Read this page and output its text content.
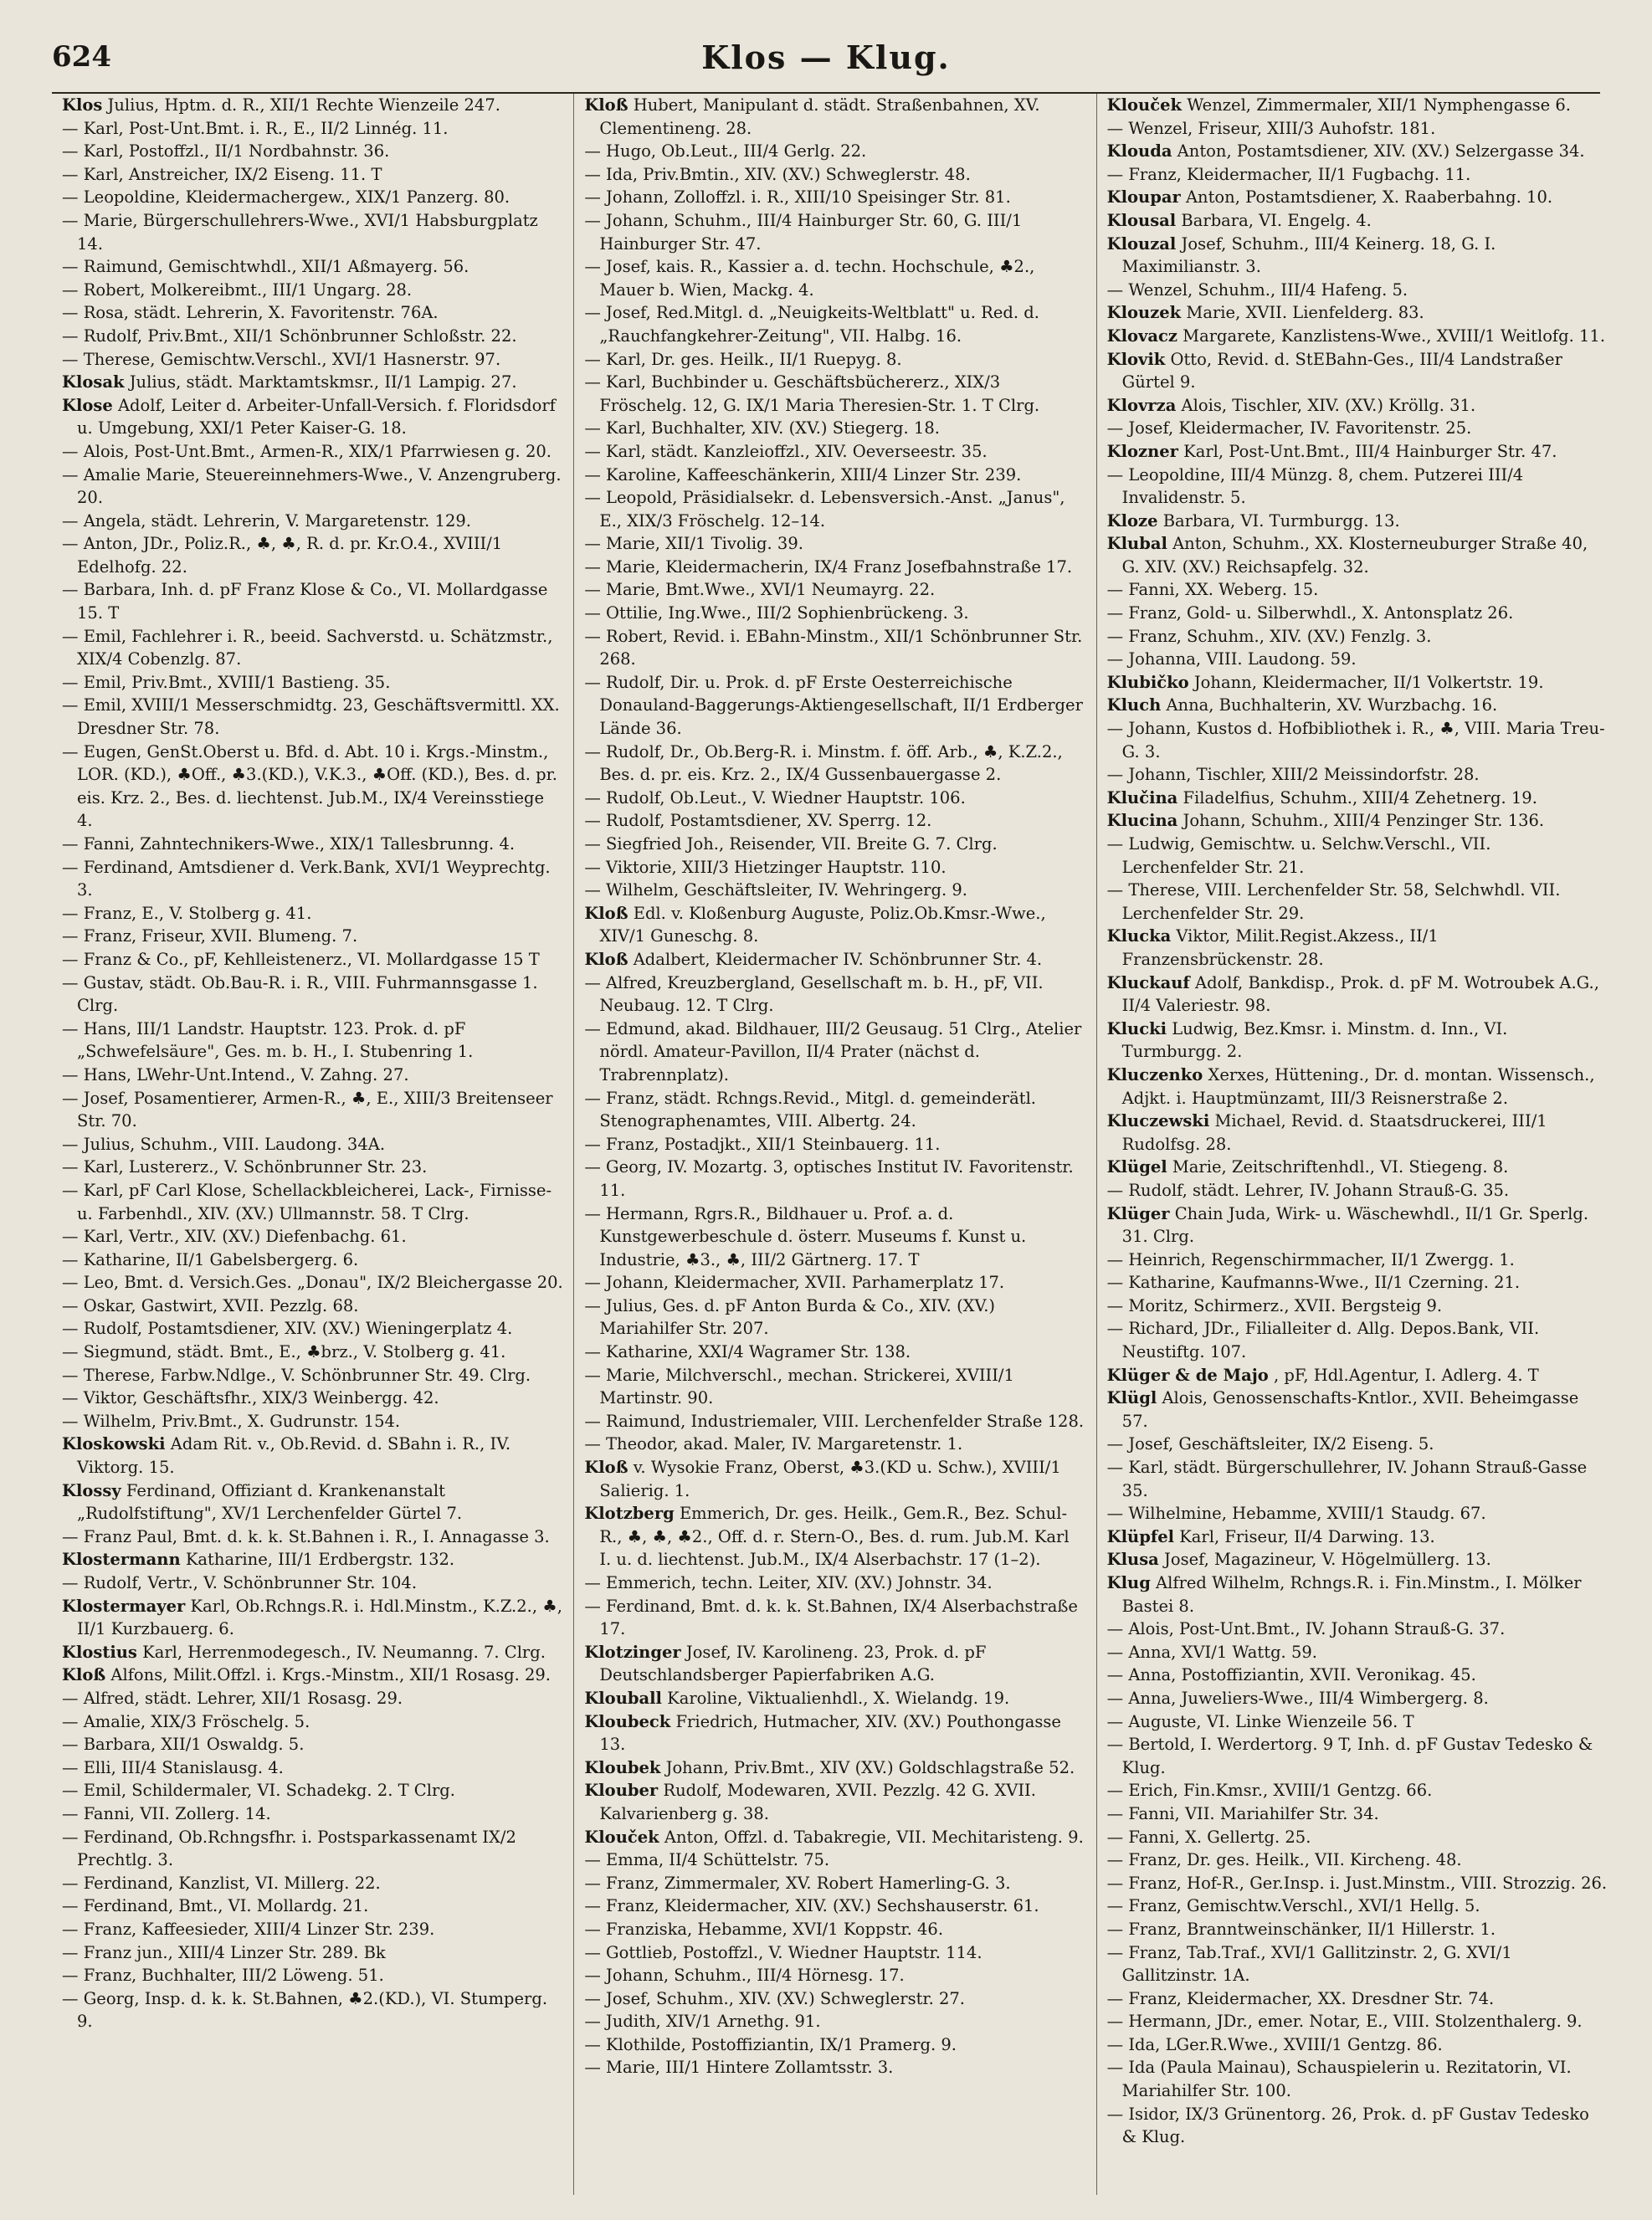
624	Klos — Klug.

Klos Julius, Hptm. d. R., XII/1 Rechte Wienzeile 247.

— Karl, Post-Unt.Bmt. i. R., E., II/2 Linnég. 11.

— Karl, Postoffzl., II/1 Nordbahnstr. 36.

— Karl, Anstreicher, IX/2 Eiseng. 11. T

— Leopoldine, Kleidermachergew., XIX/1 Panzerg. 80.

— Marie, Bürgerschullehrers-Wwe., XVI/1 Habsburgplatz 14.

— Raimund, Gemischtwhdl., XII/1 Aßmayerg. 56.

— Robert, Molkereibmt., III/1 Ungarg. 28.

— Rosa, städt. Lehrerin, X. Favoritenstr. 76A.

— Rudolf, Priv.Bmt., XII/1 Schönbrunner Schloßstr. 22.

— Therese, Gemischtw.Verschl., XVI/1 Hasnerstr. 97.

Klosak Julius, städt. Marktamtskmsr., II/1 Lampig. 27.

Klose Adolf, Leiter d. Arbeiter-Unfall-Versich. f. Floridsdorf u. Umgebung, XXI/1 Peter Kaiser-G. 18.

— Alois, Post-Unt.Bmt., Armen-R., XIX/1 Pfarrwiesen g. 20.

— Amalie Marie, Steuereinnehmers-Wwe., V. Anzengruberg. 20.

— Angela, städt. Lehrerin, V. Margaretenstr. 129.

— Anton, JDr., Poliz.R., ♣, ♣, R. d. pr. Kr.O.4., XVIII/1 Edelhofg. 22.

— Barbara, Inh. d. pF Franz Klose & Co., VI. Mollardgasse 15. T

— Emil, Fachlehrer i. R., beeid. Sachverstd. u. Schätzmstr., XIX/4 Cobenzlg. 87.

— Emil, Priv.Bmt., XVIII/1 Bastieng. 35.

— Emil, XVIII/1 Messerschmidtg. 23, Geschäftsvermittl. XX. Dresdner Str. 78.

— Eugen, GenSt.Oberst u. Bfd. d. Abt. 10 i. Krgs.-Minstm., LOR. (KD.), ♣Off., ♣3.(KD.), V.K.3., ♣Off. (KD.), Bes. d. pr. eis. Krz. 2., Bes. d. liechtenst. Jub.M., IX/4 Vereinsstiege 4.

— Fanni, Zahntechnikers-Wwe., XIX/1 Tallesbrunng. 4.

— Ferdinand, Amtsdiener d. Verk.Bank, XVI/1 Weyprechtg. 3.

— Franz, E., V. Stolberg g. 41.

— Franz, Friseur, XVII. Blumeng. 7.

— Franz & Co., pF, Kehlleistenerz., VI. Mollardgasse 15 T

— Gustav, städt. Ob.Bau-R. i. R., VIII. Fuhrmannsgasse 1. Clrg.

— Hans, III/1 Landstr. Hauptstr. 123. Prok. d. pF „Schwefelsäure", Ges. m. b. H., I. Stubenring 1.

— Hans, LWehr-Unt.Intend., V. Zahng. 27.

— Josef, Posamentierer, Armen-R., ♣, E., XIII/3 Breitenseer Str. 70.

— Julius, Schuhm., VIII. Laudong. 34A.

— Karl, Lustererz., V. Schönbrunner Str. 23.

— Karl, pF Carl Klose, Schellackbleicherei, Lack-, Firnisse- u. Farbenhdl., XIV. (XV.) Ullmannstr. 58. T Clrg.

— Karl, Vertr., XIV. (XV.) Diefenbachg. 61.

— Katharine, II/1 Gabelsbergerg. 6.

— Leo, Bmt. d. Versich.Ges. „Donau", IX/2 Bleichergasse 20.

— Oskar, Gastwirt, XVII. Pezzlg. 68.

— Rudolf, Postamtsdiener, XIV. (XV.) Wieningerplatz 4.

— Siegmund, städt. Bmt., E., ♣brz., V. Stolberg g. 41.

— Therese, Farbw.Ndlge., V. Schönbrunner Str. 49. Clrg.

— Viktor, Geschäftsfhr., XIX/3 Weinbergg. 42.

— Wilhelm, Priv.Bmt., X. Gudrunstr. 154.

Kloskowski Adam Rit. v., Ob.Revid. d. SBahn i. R., IV. Viktorg. 15.

Klossy Ferdinand, Offiziant d. Krankenanstalt „Rudolfstiftung", XV/1 Lerchenfelder Gürtel 7.

— Franz Paul, Bmt. d. k. k. St.Bahnen i. R., I. Annagasse 3.

Klostermann Katharine, III/1 Erdbergstr. 132.

— Rudolf, Vertr., V. Schönbrunner Str. 104.

Klostermayer Karl, Ob.Rchngs.R. i. Hdl.Minstm., K.Z.2., ♣, II/1 Kurzbauerg. 6.

Klostius Karl, Herrenmodegesch., IV. Neumanng. 7. Clrg.

Kloß Alfons, Milit.Offzl. i. Krgs.-Minstm., XII/1 Rosasg. 29.

— Alfred, städt. Lehrer, XII/1 Rosasg. 29.

— Amalie, XIX/3 Fröschelg. 5.

— Barbara, XII/1 Oswaldg. 5.

— Elli, III/4 Stanislausg. 4.

— Emil, Schildermaler, VI. Schadekg. 2. T Clrg.

— Fanni, VII. Zollerg. 14.

— Ferdinand, Ob.Rchngsfhr. i. Postsparkassenamt IX/2 Prechtlg. 3.

— Ferdinand, Kanzlist, VI. Millerg. 22.

— Ferdinand, Bmt., VI. Mollardg. 21.

— Franz, Kaffeesieder, XIII/4 Linzer Str. 239.

— Franz jun., XIII/4 Linzer Str. 289. Bk

— Franz, Buchhalter, III/2 Löweng. 51.

— Georg, Insp. d. k. k. St.Bahnen, ♣2.(KD.), VI. Stumperg. 9.

Kloß Hubert, Manipulant d. städt. Straßenbahnen, XV. Clementineng. 28.

— Hugo, Ob.Leut., III/4 Gerlg. 22.

— Ida, Priv.Bmtin., XIV. (XV.) Schweglerstr. 48.

— Johann, Zolloffzl. i. R., XIII/10 Speisinger Str. 81.

— Johann, Schuhm., III/4 Hainburger Str. 60, G. III/1 Hainburger Str. 47.

— Josef, kais. R., Kassier a. d. techn. Hochschule, ♣2., Mauer b. Wien, Mackg. 4.

— Josef, Red.Mitgl. d. „Neuigkeits-Weltblatt" u. Red. d. „Rauchfangkehrer-Zeitung", VII. Halbg. 16.

— Karl, Dr. ges. Heilk., II/1 Ruepyg. 8.

— Karl, Buchbinder u. Geschäftsbüchererz., XIX/3 Fröschelg. 12, G. IX/1 Maria Theresien-Str. 1. T Clrg.

— Karl, Buchhalter, XIV. (XV.) Stiegerg. 18.

— Karl, städt. Kanzleioffzl., XIV. Oeverseestr. 35.

— Karoline, Kaffeeschänkerin, XIII/4 Linzer Str. 239.

— Leopold, Präsidialsekr. d. Lebensversich.-Anst. „Janus", E., XIX/3 Fröschelg. 12–14.

— Marie, XII/1 Tivolig. 39.

— Marie, Kleidermacherin, IX/4 Franz Josefbahnstraße 17.

— Marie, Bmt.Wwe., XVI/1 Neumayrg. 22.

— Ottilie, Ing.Wwe., III/2 Sophienbrückeng. 3.

— Robert, Revid. i. EBahn-Minstm., XII/1 Schönbrunner Str. 268.

— Rudolf, Dir. u. Prok. d. pF Erste Oesterreichische Donauland-Baggerungs-Aktiengesellschaft, II/1 Erdberger Lände 36.

— Rudolf, Dr., Ob.Berg-R. i. Minstm. f. öff. Arb., ♣, K.Z.2., Bes. d. pr. eis. Krz. 2., IX/4 Gussenbauergasse 2.

— Rudolf, Ob.Leut., V. Wiedner Hauptstr. 106.

— Rudolf, Postamtsdiener, XV. Sperrg. 12.

— Siegfried Joh., Reisender, VII. Breite G. 7. Clrg.

— Viktorie, XIII/3 Hietzinger Hauptstr. 110.

— Wilhelm, Geschäftsleiter, IV. Wehringerg. 9.

Kloß Edl. v. Kloßenburg Auguste, Poliz.Ob.Kmsr.-Wwe., XIV/1 Guneschg. 8.

Kloß Adalbert, Kleidermacher IV. Schönbrunner Str. 4.

— Alfred, Kreuzbergland, Gesellschaft m. b. H., pF, VII. Neubaug. 12. T Clrg.

— Edmund, akad. Bildhauer, III/2 Geusaug. 51 Clrg., Atelier nördl. Amateur-Pavillon, II/4 Prater (nächst d. Trabrennplatz).

— Franz, städt. Rchngs.Revid., Mitgl. d. gemeinderätl. Stenographenamtes, VIII. Albertg. 24.

— Franz, Postadjkt., XII/1 Steinbauerg. 11.

— Georg, IV. Mozartg. 3, optisches Institut IV. Favoritenstr. 11.

— Hermann, Rgrs.R., Bildhauer u. Prof. a. d. Kunstgewerbeschule d. österr. Museums f. Kunst u. Industrie, ♣3., ♣, III/2 Gärtnerg. 17. T

— Johann, Kleidermacher, XVII. Parhamerplatz 17.

— Julius, Ges. d. pF Anton Burda & Co., XIV. (XV.) Mariahilfer Str. 207.

— Katharine, XXI/4 Wagramer Str. 138.

— Marie, Milchverschl., mechan. Strickerei, XVIII/1 Martinstr. 90.

— Raimund, Industriemaler, VIII. Lerchenfelder Straße 128.

— Theodor, akad. Maler, IV. Margaretenstr. 1.

Kloß v. Wysokie Franz, Oberst, ♣3.(KD u. Schw.), XVIII/1 Salierig. 1.

Klotzberg Emmerich, Dr. ges. Heilk., Gem.R., Bez. Schul-R., ♣, ♣, ♣2., Off. d. r. Stern-O., Bes. d. rum. Jub.M. Karl I. u. d. liechtenst. Jub.M., IX/4 Alserbachstr. 17 (1–2).

— Emmerich, techn. Leiter, XIV. (XV.) Johnstr. 34.

— Ferdinand, Bmt. d. k. k. St.Bahnen, IX/4 Alserbachstraße 17.

Klotzinger Josef, IV. Karolineng. 23, Prok. d. pF Deutschlandsberger Papierfabriken A.G.

Klouball Karoline, Viktualienhdl., X. Wielandg. 19.

Kloubeck Friedrich, Hutmacher, XIV. (XV.) Pouthongasse 13.

Kloubek Johann, Priv.Bmt., XIV (XV.) Goldschlagstraße 52.

Klouber Rudolf, Modewaren, XVII. Pezzlg. 42 G. XVII. Kalvarienberg g. 38.

Klouček Anton, Offzl. d. Tabakregie, VII. Mechitaristeng. 9.

— Emma, II/4 Schüttelstr. 75.

— Franz, Zimmermaler, XV. Robert Hamerling-G. 3.

— Franz, Kleidermacher, XIV. (XV.) Sechshauserstr. 61.

— Franziska, Hebamme, XVI/1 Koppstr. 46.

— Gottlieb, Postoffzl., V. Wiedner Hauptstr. 114.

— Johann, Schuhm., III/4 Hörnesg. 17.

— Josef, Schuhm., XIV. (XV.) Schweglerstr. 27.

— Judith, XIV/1 Arnethg. 91.

— Klothilde, Postoffiziantin, IX/1 Pramerg. 9.

— Marie, III/1 Hintere Zollamtsstr. 3.

Klouček Wenzel, Zimmermaler, XII/1 Nymphengasse 6.

— Wenzel, Friseur, XIII/3 Auhofstr. 181.

Klouda Anton, Postamtsdiener, XIV. (XV.) Selzergasse 34.

— Franz, Kleidermacher, II/1 Fugbachg. 11.

Kloupar Anton, Postamtsdiener, X. Raaberbahng. 10.

Klousal Barbara, VI. Engelg. 4.

Klouzal Josef, Schuhm., III/4 Keinerg. 18, G. I. Maximilianstr. 3.

— Wenzel, Schuhm., III/4 Hafeng. 5.

Klouzek Marie, XVII. Lienfelderg. 83.

Klovacz Margarete, Kanzlistens-Wwe., XVIII/1 Weitlofg. 11.

Klovik Otto, Revid. d. StEBahn-Ges., III/4 Landstraßer Gürtel 9.

Klovrza Alois, Tischler, XIV. (XV.) Kröllg. 31.

— Josef, Kleidermacher, IV. Favoritenstr. 25.

Klozner Karl, Post-Unt.Bmt., III/4 Hainburger Str. 47.

— Leopoldine, III/4 Münzg. 8, chem. Putzerei III/4 Invalidenstr. 5.

Kloze Barbara, VI. Turmburgg. 13.

Klubal Anton, Schuhm., XX. Klosterneuburger Straße 40, G. XIV. (XV.) Reichsapfelg. 32.

— Fanni, XX. Weberg. 15.

— Franz, Gold- u. Silberwhdl., X. Antonsplatz 26.

— Franz, Schuhm., XIV. (XV.) Fenzlg. 3.

— Johanna, VIII. Laudong. 59.

Klubičko Johann, Kleidermacher, II/1 Volkertstr. 19.

Kluch Anna, Buchhalterin, XV. Wurzbachg. 16.

— Johann, Kustos d. Hofbibliothek i. R., ♣, VIII. Maria Treu-G. 3.

— Johann, Tischler, XIII/2 Meissindorfstr. 28.

Klučina Filadelfius, Schuhm., XIII/4 Zehetnerg. 19.

Klucina Johann, Schuhm., XIII/4 Penzinger Str. 136.

— Ludwig, Gemischtw. u. Selchw.Verschl., VII. Lerchenfelder Str. 21.

— Therese, VIII. Lerchenfelder Str. 58, Selchwhdl. VII. Lerchenfelder Str. 29.

Klucka Viktor, Milit.Regist.Akzess., II/1 Franzensbrückenstr. 28.

Kluckauf Adolf, Bankdisp., Prok. d. pF M. Wotroubek A.G., II/4 Valeriestr. 98.

Klucki Ludwig, Bez.Kmsr. i. Minstm. d. Inn., VI. Turmburgg. 2.

Kluczenko Xerxes, Hüttening., Dr. d. montan. Wissensch., Adjkt. i. Hauptmünzamt, III/3 Reisnerstraße 2.

Kluczewski Michael, Revid. d. Staatsdruckerei, III/1 Rudolfsg. 28.

Klügel Marie, Zeitschriftenhdl., VI. Stiegeng. 8.

— Rudolf, städt. Lehrer, IV. Johann Strauß-G. 35.

Klüger Chain Juda, Wirk- u. Wäschewhdl., II/1 Gr. Sperlg. 31. Clrg.

— Heinrich, Regenschirmmacher, II/1 Zwergg. 1.

— Katharine, Kaufmanns-Wwe., II/1 Czerning. 21.

— Moritz, Schirmerz., XVII. Bergsteig 9.

— Richard, JDr., Filialleiter d. Allg. Depos.Bank, VII. Neustiftg. 107.

Klüger & de Majo , pF, Hdl.Agentur, I. Adlerg. 4. T

Klügl Alois, Genossenschafts-Kntlor., XVII. Beheimgasse 57.

— Josef, Geschäftsleiter, IX/2 Eiseng. 5.

— Karl, städt. Bürgerschullehrer, IV. Johann Strauß-Gasse 35.

— Wilhelmine, Hebamme, XVIII/1 Staudg. 67.

Klüpfel Karl, Friseur, II/4 Darwing. 13.

Klusa Josef, Magazineur, V. Högelmüllerg. 13.

Klug Alfred Wilhelm, Rchngs.R. i. Fin.Minstm., I. Mölker Bastei 8.

— Alois, Post-Unt.Bmt., IV. Johann Strauß-G. 37.

— Anna, XVI/1 Wattg. 59.

— Anna, Postoffiziantin, XVII. Veronikag. 45.

— Anna, Juweliers-Wwe., III/4 Wimbergerg. 8.

— Auguste, VI. Linke Wienzeile 56. T

— Bertold, I. Werdertorg. 9 T, Inh. d. pF Gustav Tedesko & Klug.

— Erich, Fin.Kmsr., XVIII/1 Gentzg. 66.

— Fanni, VII. Mariahilfer Str. 34.

— Fanni, X. Gellertg. 25.

— Franz, Dr. ges. Heilk., VII. Kircheng. 48.

— Franz, Hof-R., Ger.Insp. i. Just.Minstm., VIII. Strozzig. 26.

— Franz, Gemischtw.Verschl., XVI/1 Hellg. 5.

— Franz, Branntweinschänker, II/1 Hillerstr. 1.

— Franz, Tab.Traf., XVI/1 Gallitzinstr. 2, G. XVI/1 Gallitzinstr. 1A.

— Franz, Kleidermacher, XX. Dresdner Str. 74.

— Hermann, JDr., emer. Notar, E., VIII. Stolzenthalerg. 9.

— Ida, LGer.R.Wwe., XVIII/1 Gentzg. 86.

— Ida (Paula Mainau), Schauspielerin u. Rezitatorin, VI. Mariahilfer Str. 100.

— Isidor, IX/3 Grünentorg. 26, Prok. d. pF Gustav Tedesko & Klug.
